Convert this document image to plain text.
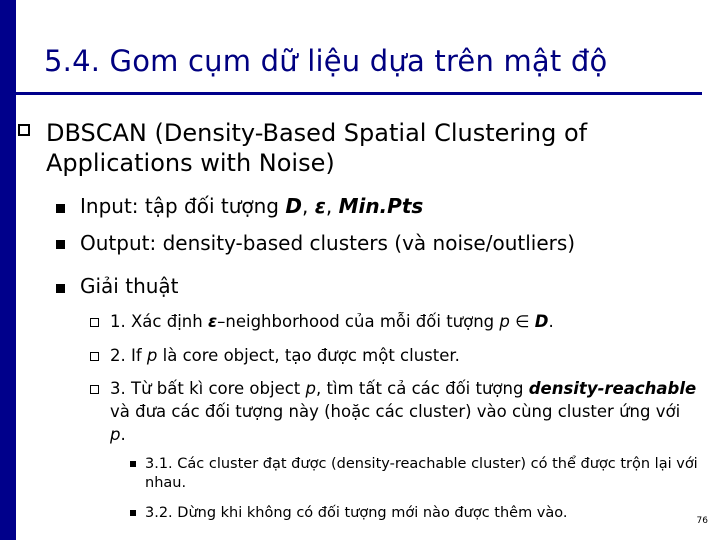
5.4. Gom cụm dữ liệu dựa trên mật độ
DBSCAN (Density-Based Spatial Clustering of Applications with Noise)
Input: tập đối tượng D, ε, Min.Pts
Output: density-based clusters (và noise/outliers)
Giải thuật
1. Xác định ε–neighborhood của mỗi đối tượng p ∈ D.
2. If p là core object, tạo được một cluster.
3. Từ bất kì core object p, tìm tất cả các đối tượng density-reachable và đưa các đối tượng này (hoặc các cluster) vào cùng cluster ứng với p.
3.1. Các cluster đạt được (density-reachable cluster) có thể được trộn lại với nhau.
3.2. Dừng khi không có đối tượng mới nào được thêm vào.	76
